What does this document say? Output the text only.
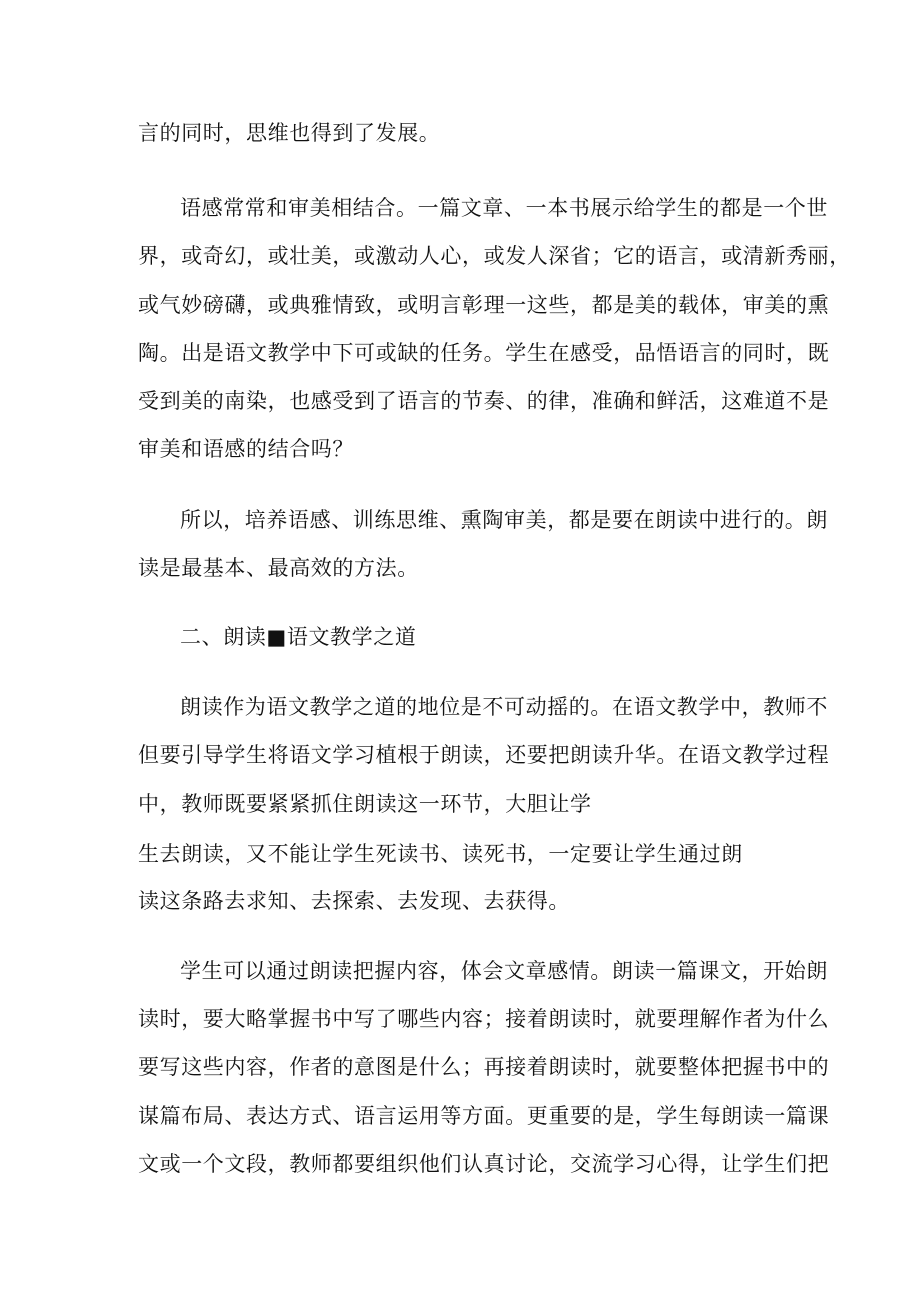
言的同时，思维也得到了发展。
语感常常和审美相结合。一篇文章、一本书展示给学生的都是一个世
界，或奇幻，或壮美，或激动人心，或发人深省；它的语言，或清新秀丽，
或气妙磅礴，或典雅情致，或明言彰理一这些，都是美的载体，审美的熏
陶。出是语文教学中下可或缺的任务。学生在感受，品悟语言的同时，既
受到美的南染，也感受到了语言的节奏、的律，准确和鲜活，这难道不是
审美和语感的结合吗？
所以，培养语感、训练思维、熏陶审美，都是要在朗读中进行的。朗
读是最基本、最高效的方法。
二、朗读■语文教学之道
朗读作为语文教学之道的地位是不可动摇的。在语文教学中，教师不
但要引导学生将语文学习植根于朗读，还要把朗读升华。在语文教学过程
中，教师既要紧紧抓住朗读这一环节，大胆让学
生去朗读，又不能让学生死读书、读死书，一定要让学生通过朗
读这条路去求知、去探索、去发现、去获得。
学生可以通过朗读把握内容，体会文章感情。朗读一篇课文，开始朗
读时，要大略掌握书中写了哪些内容；接着朗读时，就要理解作者为什么
要写这些内容，作者的意图是什么；再接着朗读时，就要整体把握书中的
谋篇布局、表达方式、语言运用等方面。更重要的是，学生每朗读一篇课
文或一个文段，教师都要组织他们认真讨论，交流学习心得，让学生们把
